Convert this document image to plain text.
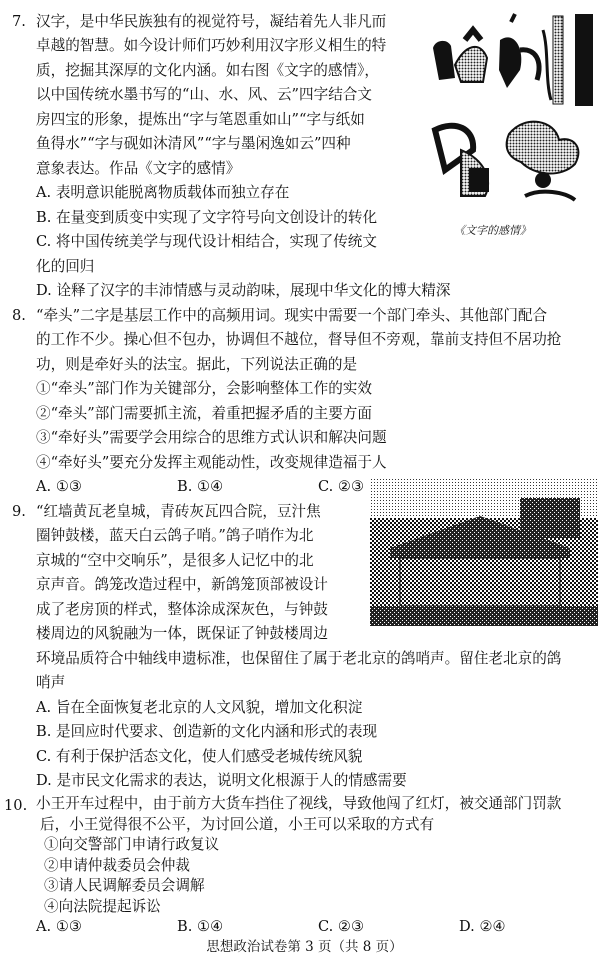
7. 汉字，是中华民族独有的视觉符号，凝结着先人非凡而
卓越的智慧。如今设计师们巧妙利用汉字形义相生的特
质，挖掘其深厚的文化内涵。如右图《文字的感情》，
以中国传统水墨书写的“山、水、风、云”四字结合文
房四宝的形象，提炼出“字与笔恩重如山”“字与纸如
鱼得水”“字与砚如沐清风”“字与墨闲逸如云”四种
意象表达。作品《文字的感情》
A. 表明意识能脱离物质载体而独立存在
B. 在量变到质变中实现了文字符号向文创设计的转化
C. 将中国传统美学与现代设计相结合，实现了传统文
化的回归
D. 诠释了汉字的丰沛情感与灵动韵味，展现中华文化的博大精深
《文字的感情》
8. “牵头”二字是基层工作中的高频用词。现实中需要一个部门牵头、其他部门配合
的工作不少。操心但不包办，协调但不越位，督导但不旁观，靠前支持但不居功抢
功，则是牵好头的法宝。据此，下列说法正确的是
①“牵头”部门作为关键部分，会影响整体工作的实效
②“牵头”部门需要抓主流，着重把握矛盾的主要方面
③“牵好头”需要学会用综合的思维方式认识和解决问题
④“牵好头”要充分发挥主观能动性，改变规律造福于人
A. ①③	B. ①④	C. ②③
9. “红墙黄瓦老皇城，青砖灰瓦四合院，豆汁焦
圈钟鼓楼，蓝天白云鸽子哨。”鸽子哨作为北
京城的“空中交响乐”，是很多人记忆中的北
京声音。鸽笼改造过程中，新鸽笼顶部被设计
成了老房顶的样式，整体涂成深灰色，与钟鼓
楼周边的风貌融为一体，既保证了钟鼓楼周边
环境品质符合中轴线申遗标准，也保留住了属于老北京的鸽哨声。留住老北京的鸽
哨声
A. 旨在全面恢复老北京的人文风貌，增加文化积淀
B. 是回应时代要求、创造新的文化内涵和形式的表现
C. 有利于保护活态文化，使人们感受老城传统风貌
D. 是市民文化需求的表达，说明文化根源于人的情感需要
10. 小王开车过程中，由于前方大货车挡住了视线，导致他闯了红灯，被交通部门罚款
后，小王觉得很不公平，为讨回公道，小王可以采取的方式有
①向交警部门申请行政复议
②申请仲裁委员会仲裁
③请人民调解委员会调解
④向法院提起诉讼
A. ①③	B. ①④	C. ②③	D. ②④
思想政治试卷第 3 页（共 8 页）
